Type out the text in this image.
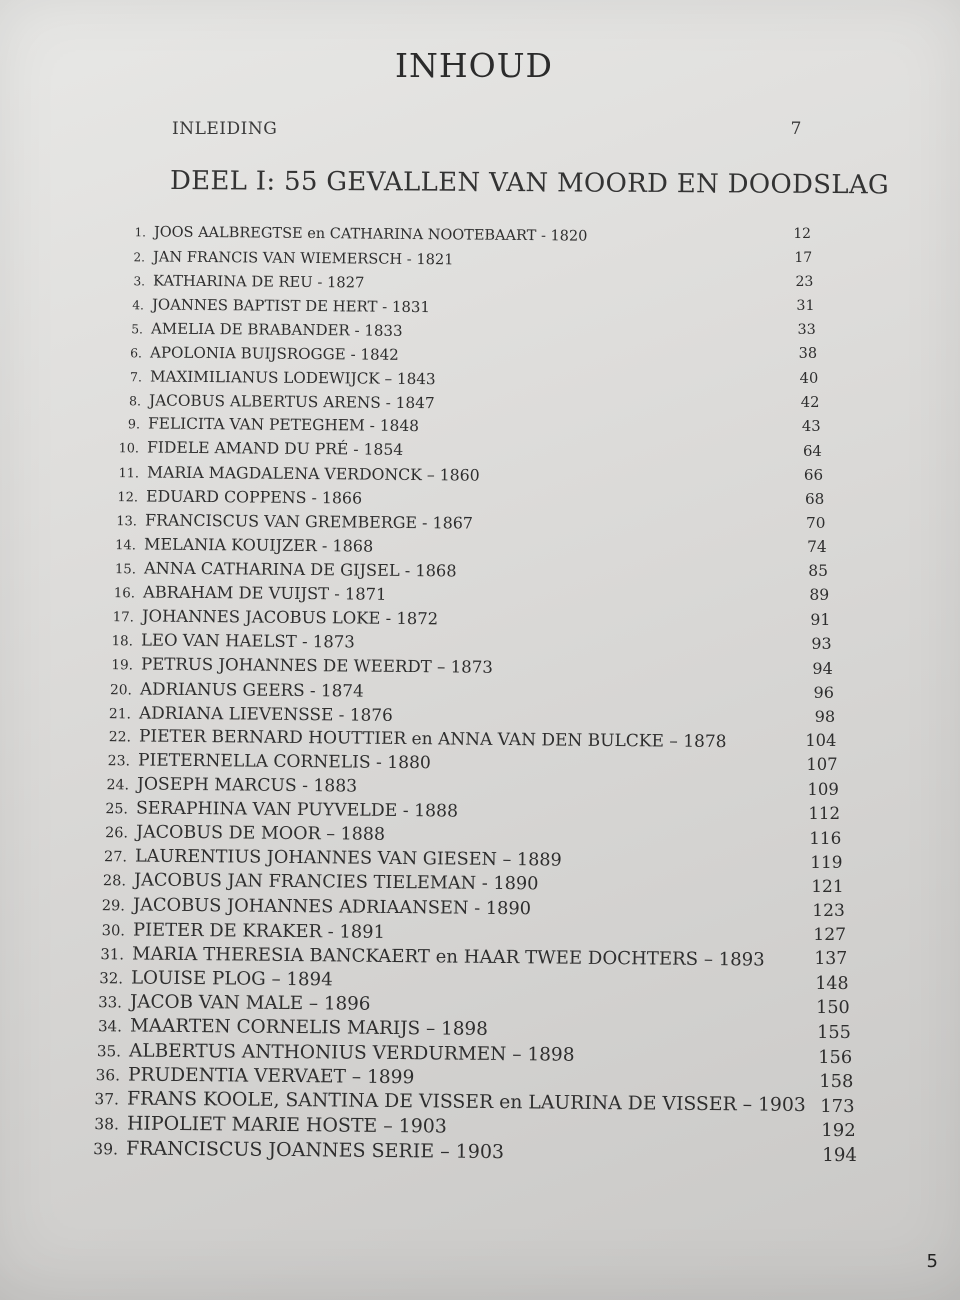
INHOUD
INLEIDING	7
DEEL I: 55 GEVALLEN VAN MOORD EN DOODSLAG
1. JOOS AALBREGTSE en CATHARINA NOOTEBAART - 1820	12
2. JAN FRANCIS VAN WIEMERSCH - 1821	17
3. KATHARINA DE REU - 1827	23
4. JOANNES BAPTIST DE HERT - 1831	31
5. AMELIA DE BRABANDER - 1833	33
6. APOLONIA BUIJSROGGE - 1842	38
7. MAXIMILIANUS LODEWIJCK – 1843	40
8. JACOBUS ALBERTUS ARENS - 1847	42
9. FELICITA VAN PETEGHEM - 1848	43
10. FIDELE AMAND DU PRÉ - 1854	64
11. MARIA MAGDALENA VERDONCK – 1860	66
12. EDUARD COPPENS - 1866	68
13. FRANCISCUS VAN GREMBERGE - 1867	70
14. MELANIA KOUIJZER - 1868	74
15. ANNA CATHARINA DE GIJSEL - 1868	85
16. ABRAHAM DE VUIJST - 1871	89
17. JOHANNES JACOBUS LOKE - 1872	91
18. LEO VAN HAELST - 1873	93
19. PETRUS JOHANNES DE WEERDT – 1873	94
20. ADRIANUS GEERS - 1874	96
21. ADRIANA LIEVENSSE - 1876	98
22. PIETER BERNARD HOUTTIER en ANNA VAN DEN BULCKE – 1878	104
23. PIETERNELLA CORNELIS - 1880	107
24. JOSEPH MARCUS - 1883	109
25. SERAPHINA VAN PUYVELDE - 1888	112
26. JACOBUS DE MOOR – 1888	116
27. LAURENTIUS JOHANNES VAN GIESEN – 1889	119
28. JACOBUS JAN FRANCIES TIELEMAN - 1890	121
29. JACOBUS JOHANNES ADRIAANSEN - 1890	123
30. PIETER DE KRAKER - 1891	127
31. MARIA THERESIA BANCKAERT en HAAR TWEE DOCHTERS – 1893	137
32. LOUISE PLOG – 1894	148
33. JACOB VAN MALE – 1896	150
34. MAARTEN CORNELIS MARIJS – 1898	155
35. ALBERTUS ANTHONIUS VERDURMEN – 1898	156
36. PRUDENTIA VERVAET – 1899	158
37. FRANS KOOLE, SANTINA DE VISSER en LAURINA DE VISSER – 1903 173
38. HIPOLIET MARIE HOSTE – 1903	192
39. FRANCISCUS JOANNES SERIE – 1903	194
5
